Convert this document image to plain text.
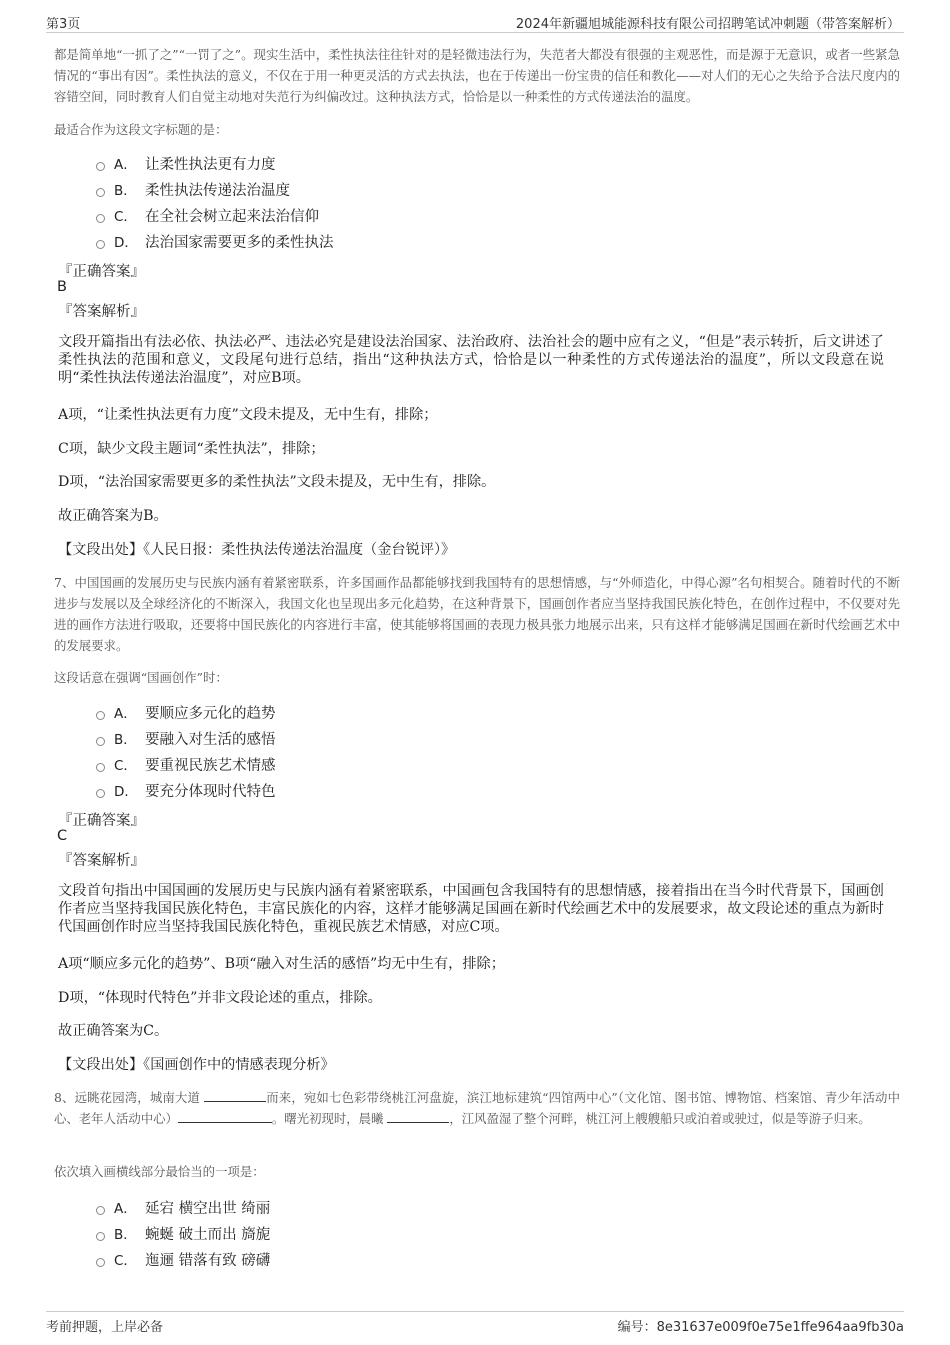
第3页	2024年新疆旭城能源科技有限公司招聘笔试冲刺题（带答案解析）
都是简单地“一抓了之”“一罚了之”。现实生活中，柔性执法往往针对的是轻微违法行为，失范者大都没有很强的主观恶性，而是源于无意识，或者一些紧急情况的“事出有因”。柔性执法的意义，不仅在于用一种更灵活的方式去执法，也在于传递出一份宝贵的信任和教化——对人们的无心之失给予合法尺度内的容错空间，同时教育人们自觉主动地对失范行为纠偏改过。这种执法方式，恰恰是以一种柔性的方式传递法治的温度。
最适合作为这段文字标题的是：
A． 让柔性执法更有力度
B． 柔性执法传递法治温度
C． 在全社会树立起来法治信仰
D． 法治国家需要更多的柔性执法
『正确答案』
B
『答案解析』
文段开篇指出有法必依、执法必严、违法必究是建设法治国家、法治政府、法治社会的题中应有之义，“但是”表示转折，后文讲述了柔性执法的范围和意义，文段尾句进行总结，指出“这种执法方式，恰恰是以一种柔性的方式传递法治的温度”，所以文段意在说明“柔性执法传递法治温度”，对应B项。
A项，“让柔性执法更有力度”文段未提及，无中生有，排除；
C项，缺少文段主题词“柔性执法”，排除；
D项，“法治国家需要更多的柔性执法”文段未提及，无中生有，排除。
故正确答案为B。
【文段出处】《人民日报：柔性执法传递法治温度（金台锐评）》
7、中国国画的发展历史与民族内涵有着紧密联系，许多国画作品都能够找到我国特有的思想情感，与“外师造化，中得心源”名句相契合。随着时代的不断进步与发展以及全球经济化的不断深入，我国文化也呈现出多元化趋势，在这种背景下，国画创作者应当坚持我国民族化特色，在创作过程中，不仅要对先进的画作方法进行吸取，还要将中国民族化的内容进行丰富，使其能够将国画的表现力极具张力地展示出来，只有这样才能够满足国画在新时代绘画艺术中的发展要求。
这段话意在强调“国画创作”时：
A． 要顺应多元化的趋势
B． 要融入对生活的感悟
C． 要重视民族艺术情感
D． 要充分体现时代特色
『正确答案』
C
『答案解析』
文段首句指出中国国画的发展历史与民族内涵有着紧密联系，中国画包含我国特有的思想情感，接着指出在当今时代背景下，国画创作者应当坚持我国民族化特色，丰富民族化的内容，这样才能够满足国画在新时代绘画艺术中的发展要求，故文段论述的重点为新时代国画创作时应当坚持我国民族化特色，重视民族艺术情感，对应C项。
A项“顺应多元化的趋势”、B项“融入对生活的感悟”均无中生有，排除；
D项，“体现时代特色”并非文段论述的重点，排除。
故正确答案为C。
【文段出处】《国画创作中的情感表现分析》
8、远眺花园湾，城南大道	而来，宛如七色彩带绕桃江河盘旋，滨江地标建筑“四馆两中心”（文化馆、图书馆、博物馆、档案馆、青少年活动中心、老年人活动中心）	。曙光初现时，晨曦	，江风盈湿了整个河畔，桃江河上艘艘船只或泊着或驶过，似是等游子归来。
依次填入画横线部分最恰当的一项是：
A． 延宕 横空出世 绮丽
B． 蜿蜒 破土而出 旖旎
C． 迤逦 错落有致 磅礴
考前押题，上岸必备	编号：8e31637e009f0e75e1ffe964aa9fb30a
